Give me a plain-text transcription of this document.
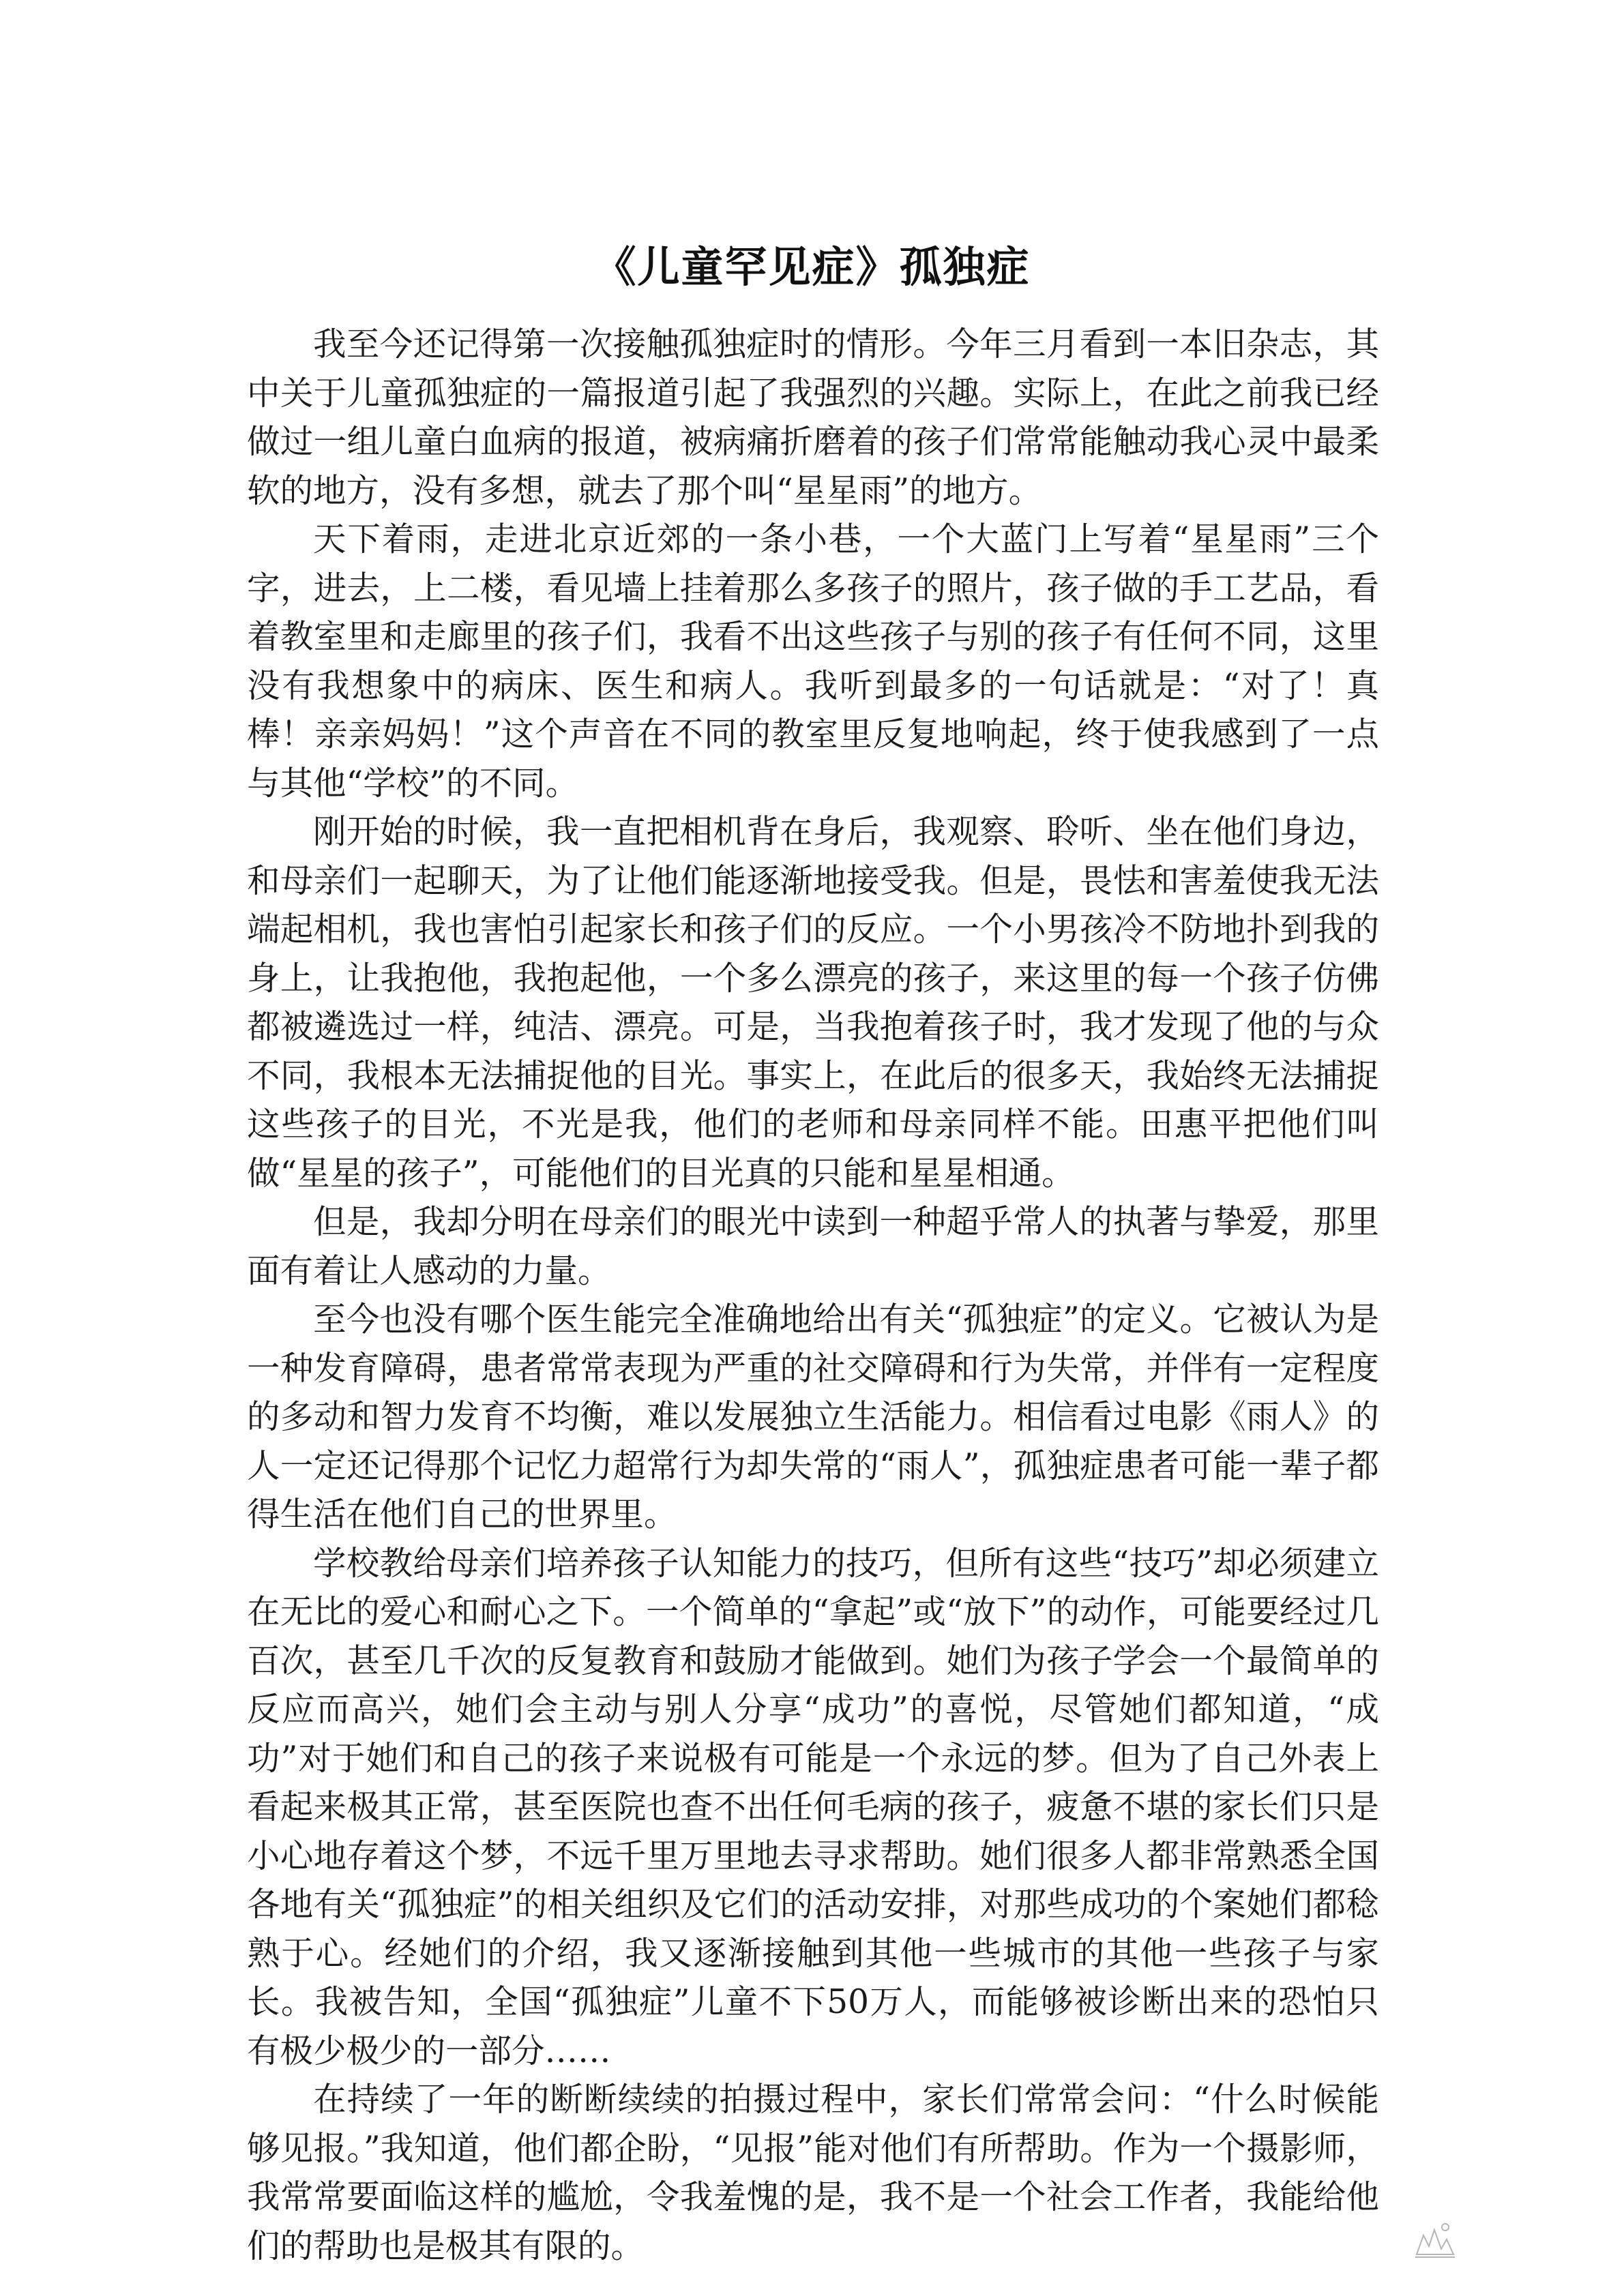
《儿童罕见症》孤独症

我至今还记得第一次接触孤独症时的情形。今年三月看到一本旧杂志，其中关于儿童孤独症的一篇报道引起了我强烈的兴趣。实际上，在此之前我已经做过一组儿童白血病的报道，被病痛折磨着的孩子们常常能触动我心灵中最柔软的地方，没有多想，就去了那个叫“星星雨”的地方。

天下着雨，走进北京近郊的一条小巷，一个大蓝门上写着“星星雨”三个字，进去，上二楼，看见墙上挂着那么多孩子的照片，孩子做的手工艺品，看着教室里和走廊里的孩子们，我看不出这些孩子与别的孩子有任何不同，这里没有我想象中的病床、医生和病人。我听到最多的一句话就是：“对了！真棒！亲亲妈妈！”这个声音在不同的教室里反复地响起，终于使我感到了一点与其他“学校”的不同。

刚开始的时候，我一直把相机背在身后，我观察、聆听、坐在他们身边，和母亲们一起聊天，为了让他们能逐渐地接受我。但是，畏怯和害羞使我无法端起相机，我也害怕引起家长和孩子们的反应。一个小男孩冷不防地扑到我的身上，让我抱他，我抱起他，一个多么漂亮的孩子，来这里的每一个孩子仿佛都被遴选过一样，纯洁、漂亮。可是，当我抱着孩子时，我才发现了他的与众不同，我根本无法捕捉他的目光。事实上，在此后的很多天，我始终无法捕捉这些孩子的目光，不光是我，他们的老师和母亲同样不能。田惠平把他们叫做“星星的孩子”，可能他们的目光真的只能和星星相通。

但是，我却分明在母亲们的眼光中读到一种超乎常人的执著与挚爱，那里面有着让人感动的力量。

至今也没有哪个医生能完全准确地给出有关“孤独症”的定义。它被认为是一种发育障碍，患者常常表现为严重的社交障碍和行为失常，并伴有一定程度的多动和智力发育不均衡，难以发展独立生活能力。相信看过电影《雨人》的人一定还记得那个记忆力超常行为却失常的“雨人”，孤独症患者可能一辈子都得生活在他们自己的世界里。

学校教给母亲们培养孩子认知能力的技巧，但所有这些“技巧”却必须建立在无比的爱心和耐心之下。一个简单的“拿起”或“放下”的动作，可能要经过几百次，甚至几千次的反复教育和鼓励才能做到。她们为孩子学会一个最简单的反应而高兴，她们会主动与别人分享“成功”的喜悦，尽管她们都知道，“成功”对于她们和自己的孩子来说极有可能是一个永远的梦。但为了自己外表上看起来极其正常，甚至医院也查不出任何毛病的孩子，疲惫不堪的家长们只是小心地存着这个梦，不远千里万里地去寻求帮助。她们很多人都非常熟悉全国各地有关“孤独症”的相关组织及它们的活动安排，对那些成功的个案她们都稔熟于心。经她们的介绍，我又逐渐接触到其他一些城市的其他一些孩子与家长。我被告知，全国“孤独症”儿童不下50万人，而能够被诊断出来的恐怕只有极少极少的一部分……

在持续了一年的断断续续的拍摄过程中，家长们常常会问：“什么时候能够见报。”我知道，他们都企盼，“见报”能对他们有所帮助。作为一个摄影师，我常常要面临这样的尴尬，令我羞愧的是，我不是一个社会工作者，我能给他们的帮助也是极其有限的。
